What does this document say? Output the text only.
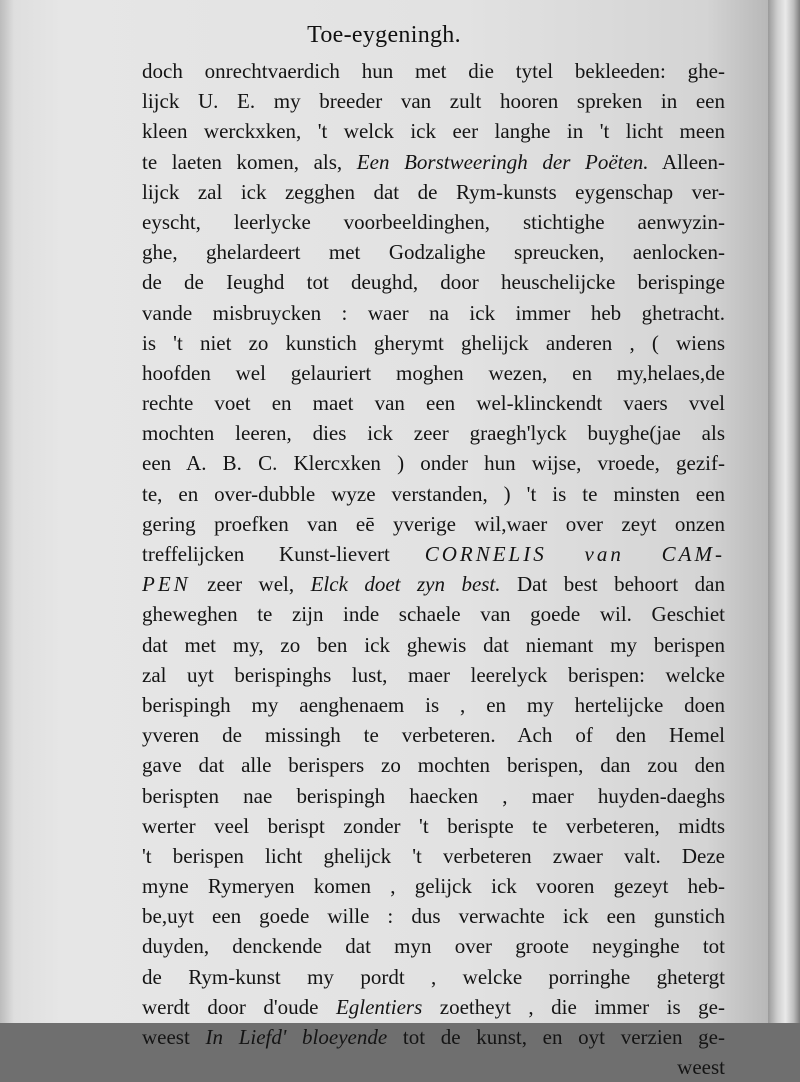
Toe-eygeningh.
doch onrechtvaerdich hun met die tytel bekleeden: ghe-
lijck U. E. my breeder van zult hooren spreken in een
kleen werckxken, 't welck ick eer langhe in 't licht meen
te laeten komen, als, Een Borstweeringh der Poëten. Alleen-
lijck zal ick zegghen dat de Rym-kunsts eygenschap ver-
eyscht, leerlycke voorbeeldinghen, stichtighe aenwyzin-
ghe, ghelardeert met Godzalighe spreucken, aenlocken-
de de Ieughd tot deughd, door heuschelijcke berispinge
vande misbruycken : waer na ick immer heb ghetracht.
is 't niet zo kunstich gherymt ghelijck anderen , ( wiens
hoofden wel gelauriert moghen wezen, en my,helaes,de
rechte voet en maet van een wel-klinckendt vaers vvel
mochten leeren, dies ick zeer graegh'lyck buyghe(jae als
een A. B. C. Klercxken ) onder hun wijse, vroede, gezif-
te, en over-dubble wyze verstanden, ) 't is te minsten een
gering proefken van eē yverige wil,waer over zeyt onzen
treffelijcken Kunst-lievert CORNELIS van CAM-
PEN zeer wel, Elck doet zyn best. Dat best behoort dan
gheweghen te zijn inde schaele van goede wil. Geschiet
dat met my, zo ben ick ghewis dat niemant my berispen
zal uyt berispinghs lust, maer leerelyck berispen: welcke
berispingh my aenghenaem is , en my hertelijcke doen
yveren de missingh te verbeteren. Ach of den Hemel
gave dat alle berispers zo mochten berispen, dan zou den
berispten nae berispingh haecken , maer huyden-daeghs
werter veel berispt zonder 't berispte te verbeteren, midts
't berispen licht ghelijck 't verbeteren zwaer valt. Deze
myne Rymeryen komen , gelijck ick vooren gezeyt heb-
be,uyt een goede wille : dus verwachte ick een gunstich
duyden, denckende dat myn over groote neyginghe tot
de Rym-kunst my pordt , welcke porringhe ghetergt
werdt door d'oude Eglentiers zoetheyt , die immer is ge-
weest In Liefd' bloeyende tot de kunst, en oyt verzien ge-
weest
